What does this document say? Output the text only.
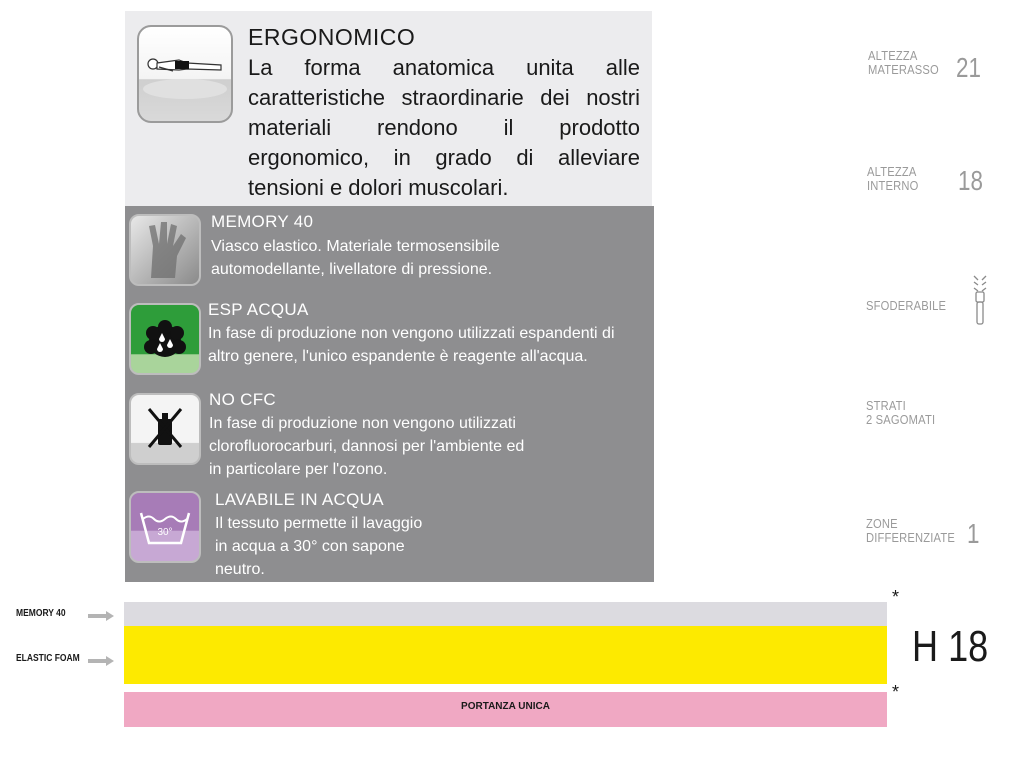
ERGONOMICO
La forma anatomica unita alle caratteristiche straordinarie dei nostri materiali rendono il prodotto ergonomico, in grado di alleviare tensioni e dolori muscolari.
MEMORY 40
Viasco elastico. Materiale termosensibile
automodellante, livellatore di pressione.
ESP ACQUA
In fase di produzione non vengono utilizzati espandenti di
altro genere, l'unico espandente è reagente all'acqua.
NO CFC
In fase di produzione non vengono utilizzati
clorofluorocarburi, dannosi per l'ambiente ed
in particolare per l'ozono.
30°
LAVABILE IN ACQUA
Il tessuto permette il lavaggio
in acqua a 30° con sapone
neutro.
ALTEZZA
MATERASSO 21
ALTEZZA
INTERNO 18
SFODERABILE
STRATI
2 SAGOMATI
ZONE
DIFFERENZIATE 1
MEMORY 40
ELASTIC FOAM
PORTANZA UNICA
*
*
H 18
